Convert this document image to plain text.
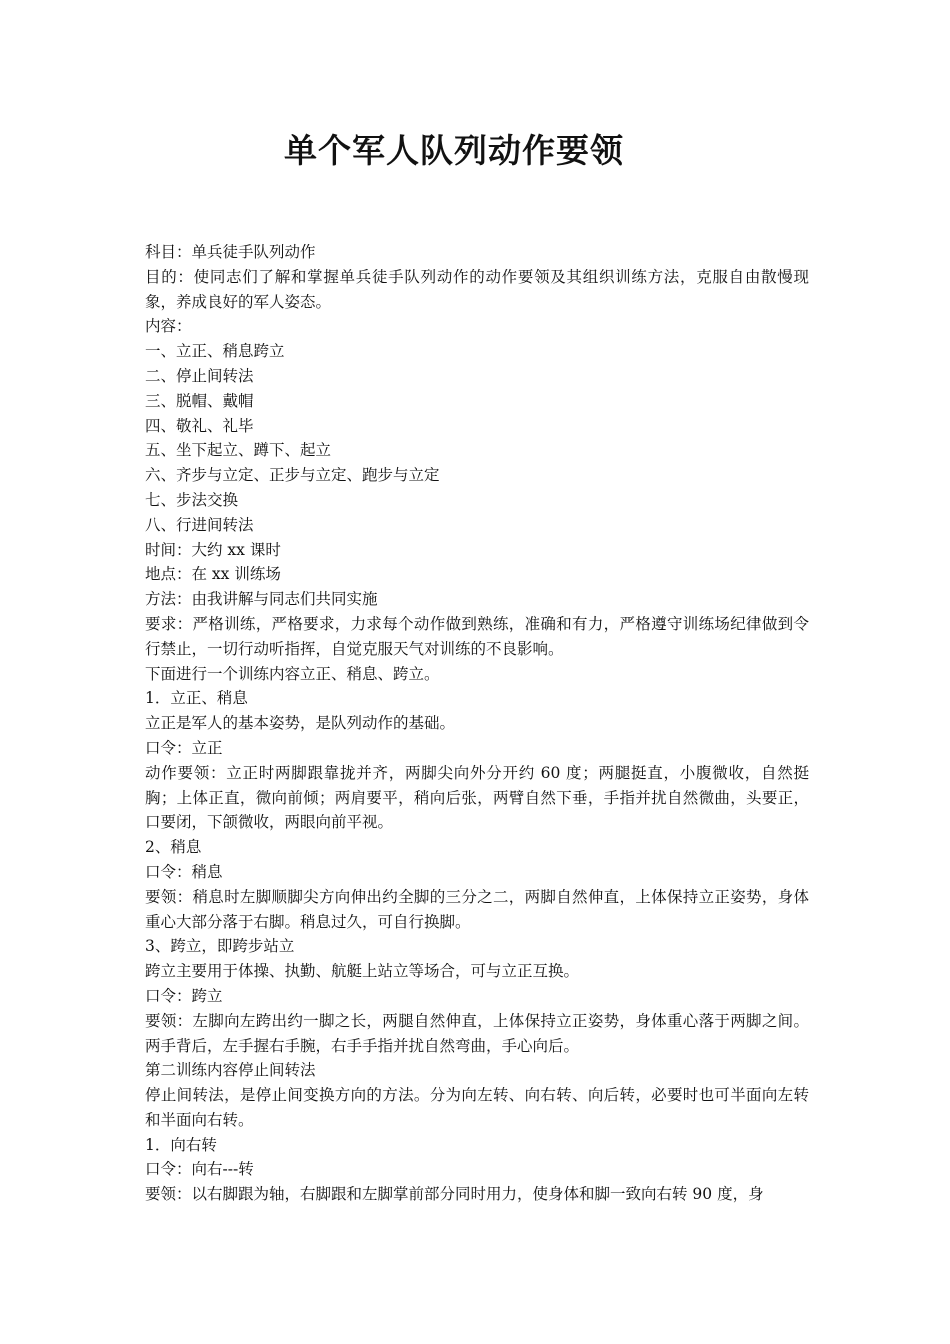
单个军人队列动作要领

科目：单兵徒手队列动作

目的：使同志们了解和掌握单兵徒手队列动作的动作要领及其组织训练方法，克服自由散慢现象，养成良好的军人姿态。

内容：

一、立正、稍息跨立

二、停止间转法

三、脱帽、戴帽

四、敬礼、礼毕

五、坐下起立、蹲下、起立

六、齐步与立定、正步与立定、跑步与立定

七、步法交换

八、行进间转法

时间：大约 xx 课时

地点：在 xx 训练场

方法：由我讲解与同志们共同实施

要求：严格训练，严格要求，力求每个动作做到熟练，准确和有力，严格遵守训练场纪律做到令行禁止，一切行动听指挥，自觉克服天气对训练的不良影响。

下面进行一个训练内容立正、稍息、跨立。

1．立正、稍息

立正是军人的基本姿势，是队列动作的基础。

口令：立正

动作要领：立正时两脚跟靠拢并齐，两脚尖向外分开约 60 度；两腿挺直，小腹微收，自然挺胸；上体正直，微向前倾；两肩要平，稍向后张，两臂自然下垂，手指并扰自然微曲，头要正，口要闭，下颌微收，两眼向前平视。

2、稍息

口令：稍息

要领：稍息时左脚顺脚尖方向伸出约全脚的三分之二，两脚自然伸直，上体保持立正姿势，身体重心大部分落于右脚。稍息过久，可自行换脚。

3、跨立，即跨步站立

跨立主要用于体操、执勤、航艇上站立等场合，可与立正互换。

口令：跨立

要领：左脚向左跨出约一脚之长，两腿自然伸直，上体保持立正姿势，身体重心落于两脚之间。两手背后，左手握右手腕，右手手指并扰自然弯曲，手心向后。

第二训练内容停止间转法

停止间转法，是停止间变换方向的方法。分为向左转、向右转、向后转，必要时也可半面向左转和半面向右转。

1．向右转

口令：向右---转

要领：以右脚跟为轴，右脚跟和左脚掌前部分同时用力，使身体和脚一致向右转 90 度，身
